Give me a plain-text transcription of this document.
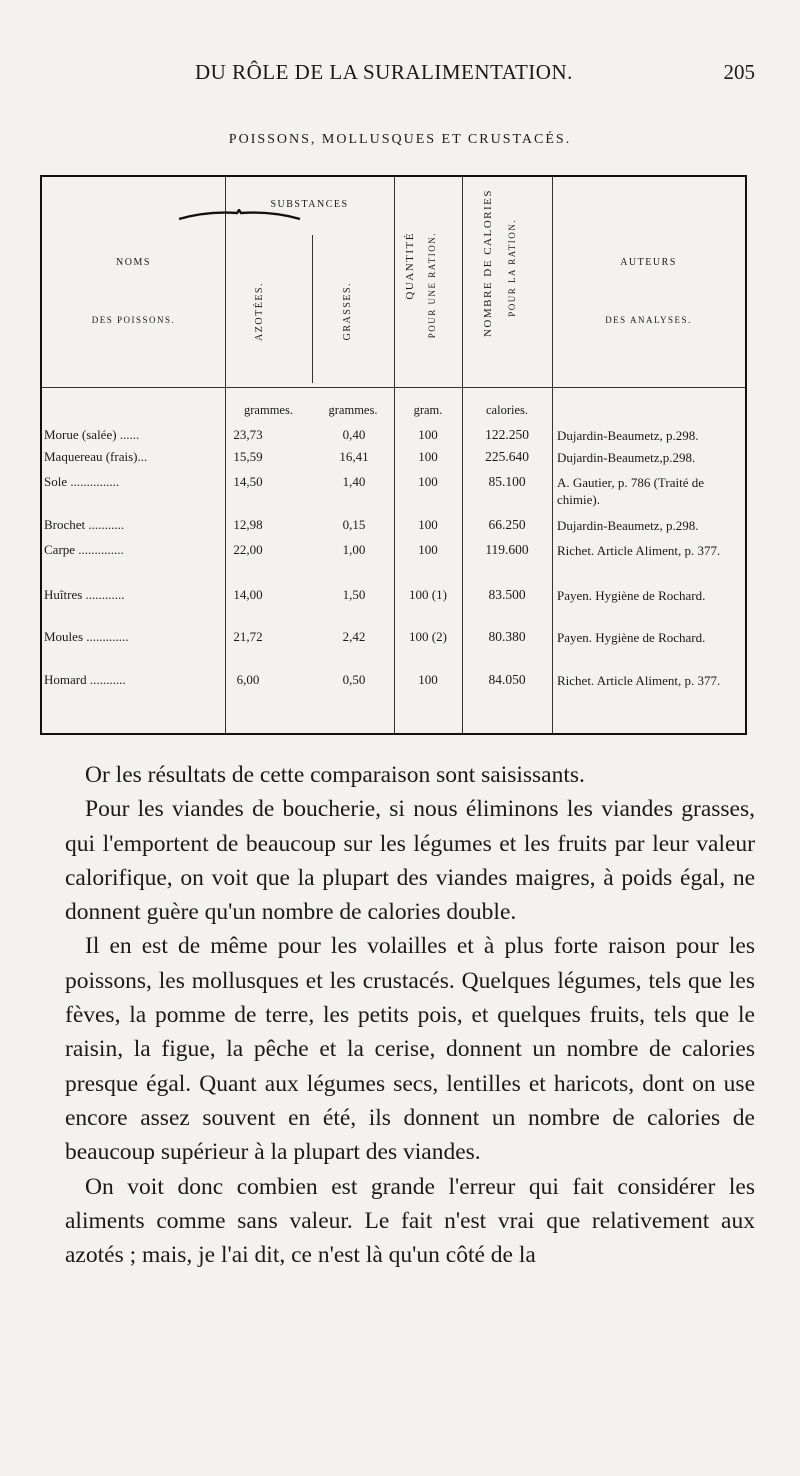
DU RÔLE DE LA SURALIMENTATION.	205
POISSONS, MOLLUSQUES ET CRUSTACÉS.
NOMS
DES POISSONS.
SUBSTANCES
AZOTÉES.	GRASSES.
QUANTITÉ POUR UNE RATION.	NOMBRE DE CALORIES POUR LA RATION.	AUTEURS
DES ANALYSES.
grammes.	grammes.	gram.	calories.
Morue (salée) ......	23,73	0,40	100	122.250	Dujardin-Beaumetz, p.298.
Maquereau (frais)...	15,59	16,41	100	225.640	Dujardin-Beaumetz,p.298.
Sole ...............	14,50	1,40	100	85.100	A. Gautier, p. 786 (Traité de chimie).
Brochet ...........	12,98	0,15	100	66.250	Dujardin-Beaumetz, p.298.
Carpe ..............	22,00	1,00	100	119.600	Richet. Article Aliment, p. 377.
Huîtres ............	14,00	1,50	100 (1)	83.500	Payen. Hygiène de Rochard.
Moules .............	21,72	2,42	100 (2)	80.380	Payen. Hygiène de Rochard.
Homard ...........	6,00	0,50	100	84.050	Richet. Article Aliment, p. 377.

Or les résultats de cette comparaison sont saisissants.

Pour les viandes de boucherie, si nous éliminons les viandes grasses, qui l'emportent de beaucoup sur les légumes et les fruits par leur valeur calorifique, on voit que la plupart des viandes maigres, à poids égal, ne donnent guère qu'un nombre de calories double.

Il en est de même pour les volailles et à plus forte raison pour les poissons, les mollusques et les crustacés. Quelques légumes, tels que les fèves, la pomme de terre, les petits pois, et quelques fruits, tels que le raisin, la figue, la pêche et la cerise, donnent un nombre de calories presque égal. Quant aux légumes secs, lentilles et haricots, dont on use encore assez souvent en été, ils donnent un nombre de calories de beaucoup supérieur à la plupart des viandes.

On voit donc combien est grande l'erreur qui fait considérer les aliments comme sans valeur. Le fait n'est vrai que relativement aux azotés ; mais, je l'ai dit, ce n'est là qu'un côté de la
